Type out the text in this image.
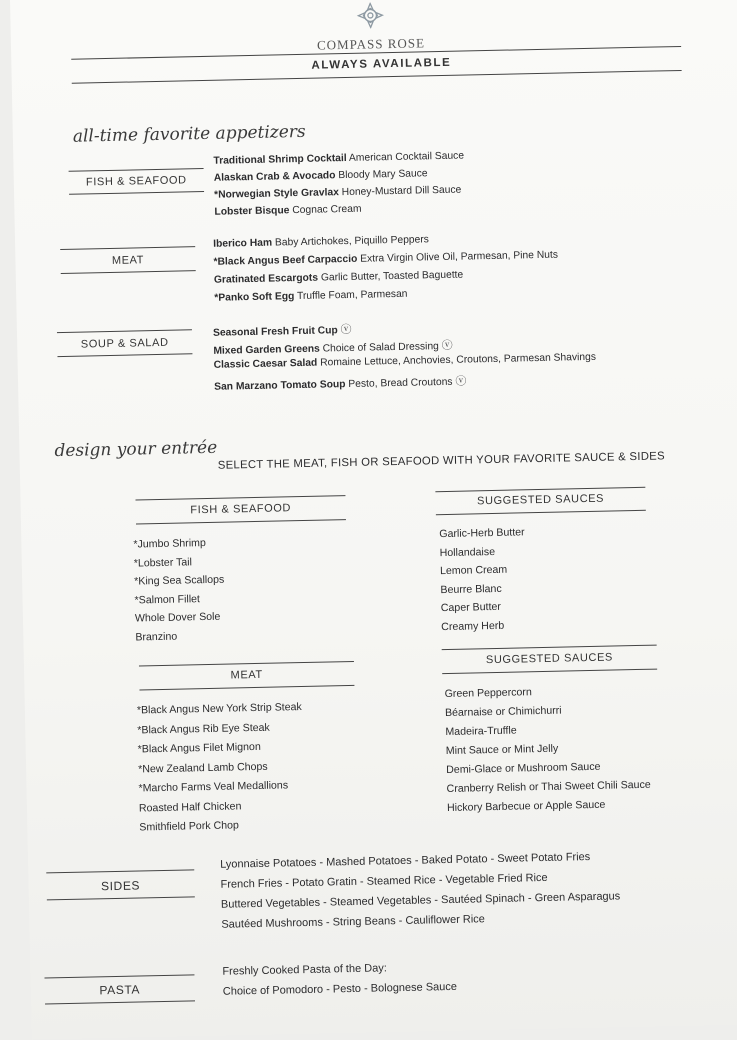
COMPASS ROSE
ALWAYS AVAILABLE
all-time favorite appetizers
FISH & SEAFOOD
Traditional Shrimp Cocktail American Cocktail Sauce
Alaskan Crab & Avocado Bloody Mary Sauce
*Norwegian Style Gravlax Honey-Mustard Dill Sauce
Lobster Bisque Cognac Cream
MEAT
Iberico Ham Baby Artichokes, Piquillo Peppers
*Black Angus Beef Carpaccio Extra Virgin Olive Oil, Parmesan, Pine Nuts
Gratinated Escargots Garlic Butter, Toasted Baguette
*Panko Soft Egg Truffle Foam, Parmesan
SOUP & SALAD
Seasonal Fresh Fruit Cup ⓥ
Mixed Garden Greens Choice of Salad Dressing ⓥ
Classic Caesar Salad Romaine Lettuce, Anchovies, Croutons, Parmesan Shavings
San Marzano Tomato Soup Pesto, Bread Croutons ⓥ
design your entrée SELECT THE MEAT, FISH OR SEAFOOD WITH YOUR FAVORITE SAUCE & SIDES
FISH & SEAFOOD
*Jumbo Shrimp
*Lobster Tail
*King Sea Scallops
*Salmon Fillet
Whole Dover Sole
Branzino
SUGGESTED SAUCES
Garlic-Herb Butter
Hollandaise
Lemon Cream
Beurre Blanc
Caper Butter
Creamy Herb
MEAT
*Black Angus New York Strip Steak
*Black Angus Rib Eye Steak
*Black Angus Filet Mignon
*New Zealand Lamb Chops
*Marcho Farms Veal Medallions
Roasted Half Chicken
Smithfield Pork Chop
SUGGESTED SAUCES
Green Peppercorn
Béarnaise or Chimichurri
Madeira-Truffle
Mint Sauce or Mint Jelly
Demi-Glace or Mushroom Sauce
Cranberry Relish or Thai Sweet Chili Sauce
Hickory Barbecue or Apple Sauce
SIDES
Lyonnaise Potatoes - Mashed Potatoes - Baked Potato - Sweet Potato Fries
French Fries - Potato Gratin - Steamed Rice - Vegetable Fried Rice
Buttered Vegetables - Steamed Vegetables - Sautéed Spinach - Green Asparagus
Sautéed Mushrooms - String Beans - Cauliflower Rice
PASTA
Freshly Cooked Pasta of the Day:
Choice of Pomodoro - Pesto - Bolognese Sauce
